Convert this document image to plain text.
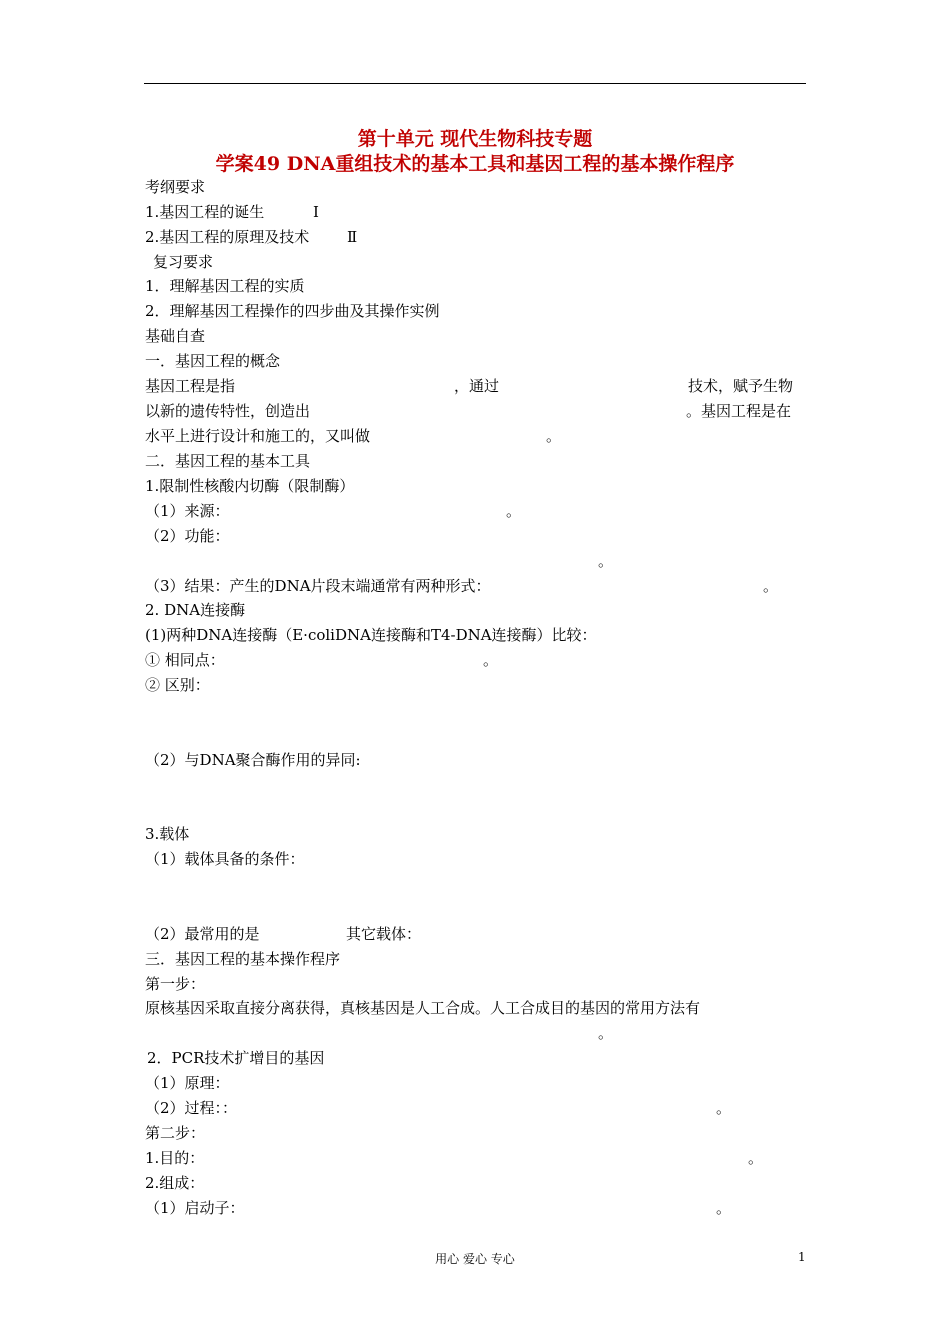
第十单元 现代生物科技专题
学案49 DNA重组技术的基本工具和基因工程的基本操作程序
考纲要求
1.基因工程的诞生	Ⅰ
2.基因工程的原理及技术	Ⅱ
复习要求
1．理解基因工程的实质
2．理解基因工程操作的四步曲及其操作实例
基础自查
一．基因工程的概念
基因工程是指	，通过	技术，赋予生物
以新的遗传特性，创造出	。基因工程是在
水平上进行设计和施工的，又叫做	。
二．基因工程的基本工具
1.限制性核酸内切酶（限制酶）
（1）来源：	。
（2）功能：
。
（3）结果：产生的DNA片段末端通常有两种形式：	。
2. DNA连接酶
(1)两种DNA连接酶（E·coliDNA连接酶和T4-DNA连接酶）比较：
① 相同点：	。
② 区别：
（2）与DNA聚合酶作用的异同:
3.载体
（1）载体具备的条件：
（2）最常用的是	其它载体：
三．基因工程的基本操作程序
第一步：
原核基因采取直接分离获得，真核基因是人工合成。人工合成目的基因的常用方法有
。
2．PCR技术扩增目的基因
（1）原理：
（2）过程：：	。
第二步：
1.目的：	。
2.组成：
（1）启动子：	。
用心 爱心 专心	1
